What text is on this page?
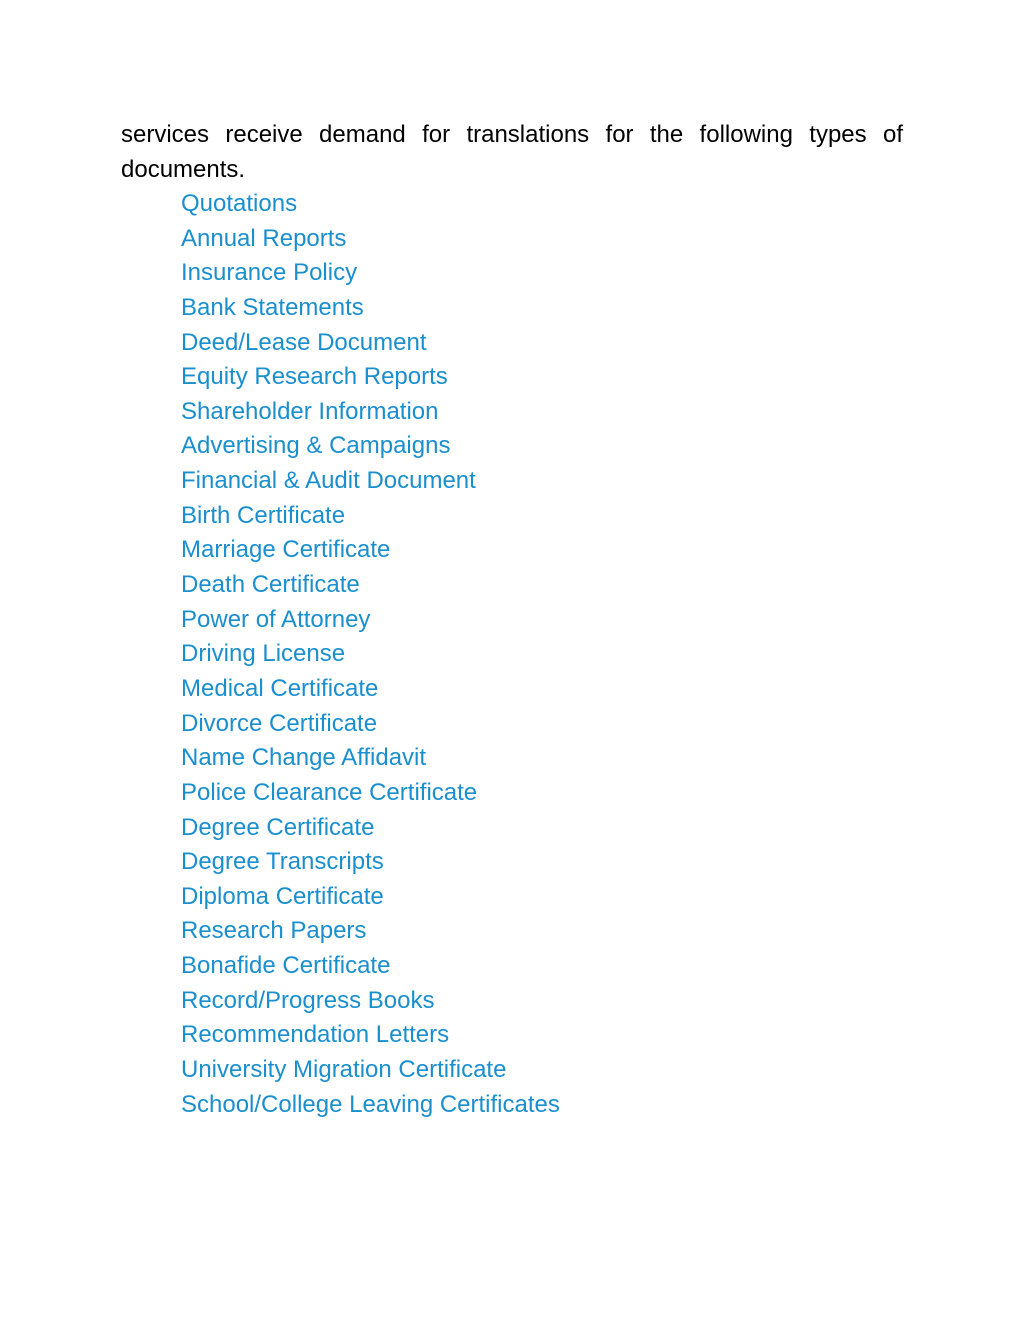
services receive demand for translations for the following types of documents.

Quotations
Annual Reports
Insurance Policy
Bank Statements
Deed/Lease Document
Equity Research Reports
Shareholder Information
Advertising & Campaigns
Financial & Audit Document
Birth Certificate
Marriage Certificate
Death Certificate
Power of Attorney
Driving License
Medical Certificate
Divorce Certificate
Name Change Affidavit
Police Clearance Certificate
Degree Certificate
Degree Transcripts
Diploma Certificate
Research Papers
Bonafide Certificate
Record/Progress Books
Recommendation Letters
University Migration Certificate
School/College Leaving Certificates
